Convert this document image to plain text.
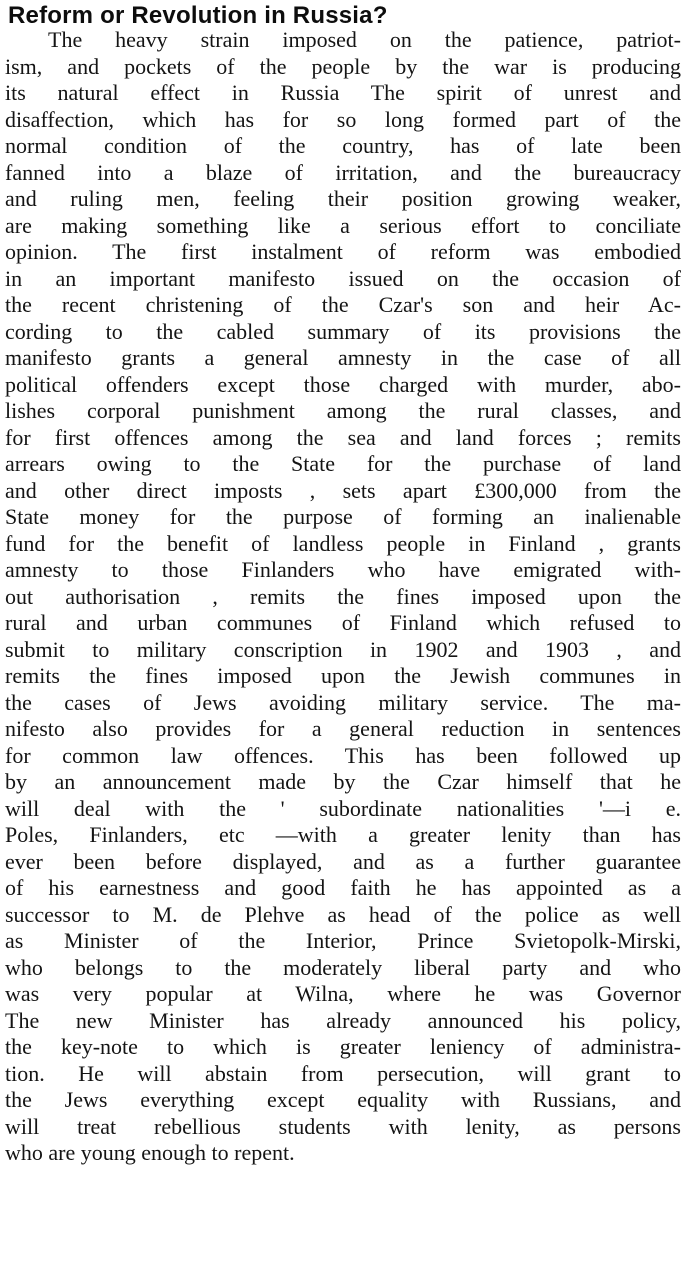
Reform or Revolution in Russia?
The heavy strain imposed on the patience, patriot-
ism, and pockets of the people by the war is producing
its natural effect in Russia The spirit of unrest and
disaffection, which has for so long formed part of the
normal condition of the country, has of late been
fanned into a blaze of irritation, and the bureaucracy
and ruling men, feeling their position growing weaker,
are making something like a serious effort to conciliate
opinion. The first instalment of reform was embodied
in an important manifesto issued on the occasion of
the recent christening of the Czar's son and heir Ac-
cording to the cabled summary of its provisions the
manifesto grants a general amnesty in the case of all
political offenders except those charged with murder, abo-
lishes corporal punishment among the rural classes, and
for first offences among the sea and land forces ; remits
arrears owing to the State for the purchase of land
and other direct imposts , sets apart £300,000 from the
State money for the purpose of forming an inalienable
fund for the benefit of landless people in Finland , grants
amnesty to those Finlanders who have emigrated with-
out authorisation , remits the fines imposed upon the
rural and urban communes of Finland which refused to
submit to military conscription in 1902 and 1903 , and
remits the fines imposed upon the Jewish communes in
the cases of Jews avoiding military service. The ma-
nifesto also provides for a general reduction in sentences
for common law offences. This has been followed up
by an announcement made by the Czar himself that he
will deal with the ' subordinate nationalities '—i e.
Poles, Finlanders, etc —with a greater lenity than has
ever been before displayed, and as a further guarantee
of his earnestness and good faith he has appointed as a
successor to M. de Plehve as head of the police as well
as Minister of the Interior, Prince Svietopolk-Mirski,
who belongs to the moderately liberal party and who
was very popular at Wilna, where he was Governor
The new Minister has already announced his policy,
the key-note to which is greater leniency of administra-
tion. He will abstain from persecution, will grant to
the Jews everything except equality with Russians, and
will treat rebellious students with lenity, as persons
who are young enough to repent.
